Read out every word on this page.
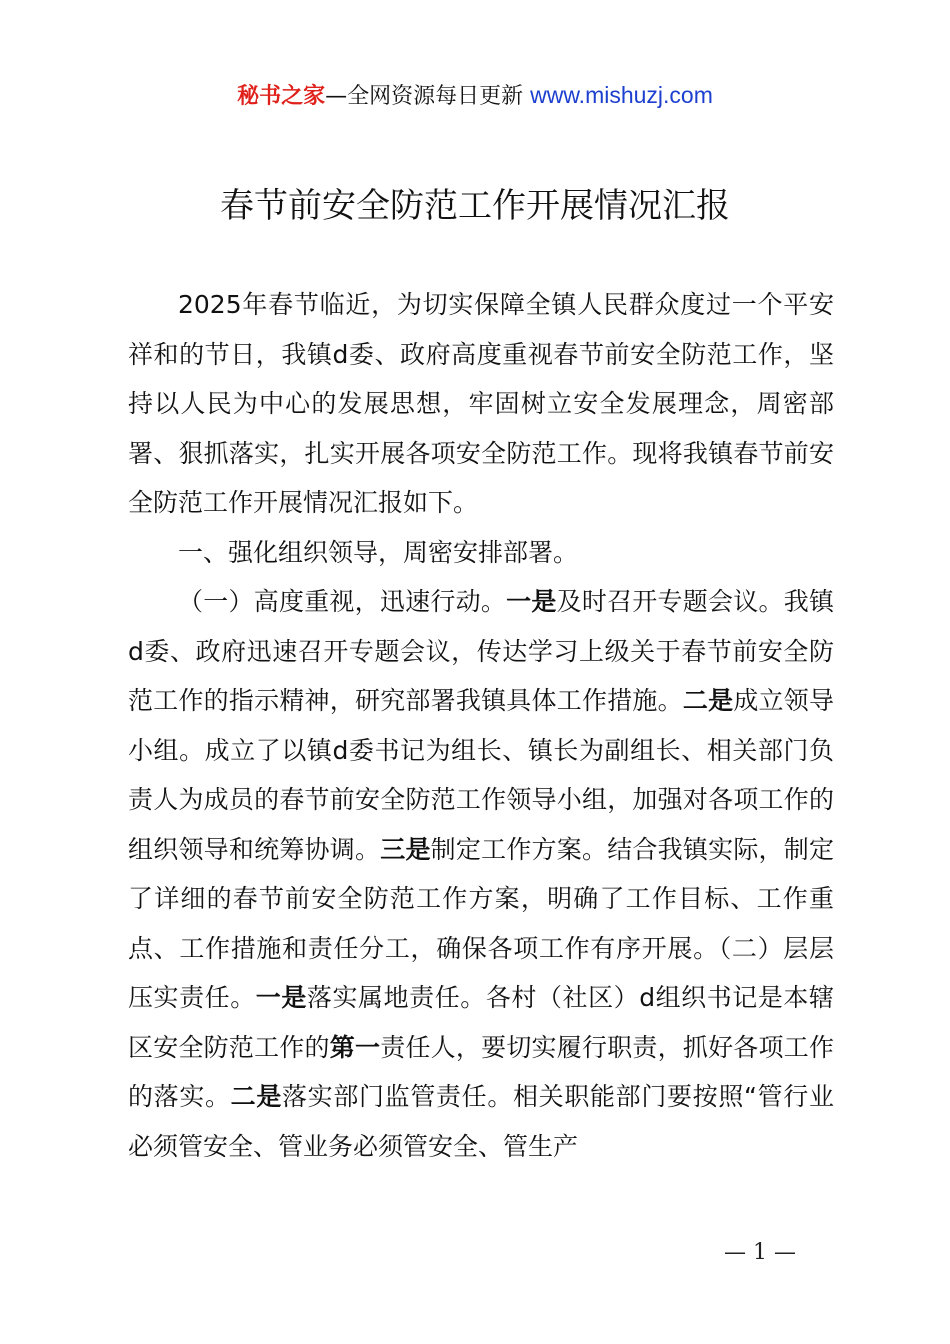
秘书之家—全网资源每日更新 www.mishuzj.com
春节前安全防范工作开展情况汇报

2025年春节临近，为切实保障全镇人民群众度过一个平安祥和的节日，我镇d委、政府高度重视春节前安全防范工作，坚持以人民为中心的发展思想，牢固树立安全发展理念，周密部署、狠抓落实，扎实开展各项安全防范工作。现将我镇春节前安全防范工作开展情况汇报如下。

一、强化组织领导，周密安排部署。

（一）高度重视，迅速行动。一是及时召开专题会议。我镇d委、政府迅速召开专题会议，传达学习上级关于春节前安全防范工作的指示精神，研究部署我镇具体工作措施。二是成立领导小组。成立了以镇d委书记为组长、镇长为副组长、相关部门负责人为成员的春节前安全防范工作领导小组，加强对各项工作的组织领导和统筹协调。三是制定工作方案。结合我镇实际，制定了详细的春节前安全防范工作方案，明确了工作目标、工作重点、工作措施和责任分工，确保各项工作有序开展。（二）层层压实责任。一是落实属地责任。各村（社区）d组织书记是本辖区安全防范工作的第一责任人，要切实履行职责，抓好各项工作的落实。二是落实部门监管责任。相关职能部门要按照“管行业必须管安全、管业务必须管安全、管生产

— 1 —
